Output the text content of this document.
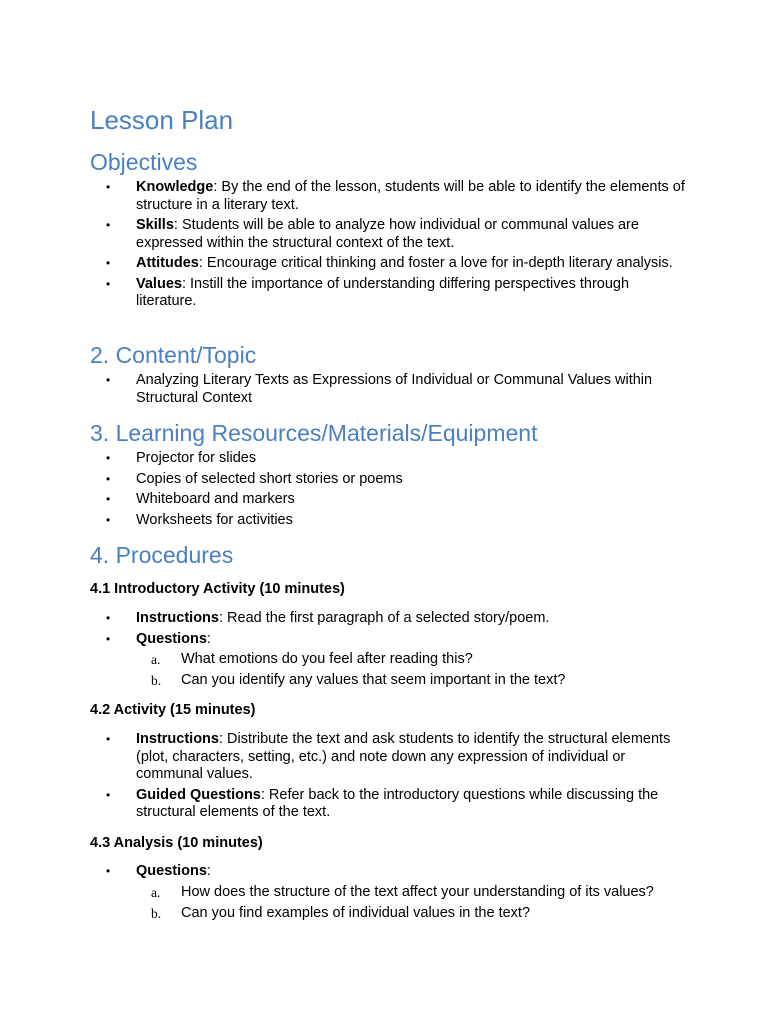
Lesson Plan
Objectives
• Knowledge: By the end of the lesson, students will be able to identify the elements of structure in a literary text.
• Skills: Students will be able to analyze how individual or communal values are expressed within the structural context of the text.
• Attitudes: Encourage critical thinking and foster a love for in-depth literary analysis.
• Values: Instill the importance of understanding differing perspectives through literature.
2. Content/Topic
• Analyzing Literary Texts as Expressions of Individual or Communal Values within Structural Context
3. Learning Resources/Materials/Equipment
• Projector for slides
• Copies of selected short stories or poems
• Whiteboard and markers
• Worksheets for activities
4. Procedures
4.1 Introductory Activity (10 minutes)
• Instructions: Read the first paragraph of a selected story/poem.
• Questions:
a. What emotions do you feel after reading this?
b. Can you identify any values that seem important in the text?
4.2 Activity (15 minutes)
• Instructions: Distribute the text and ask students to identify the structural elements (plot, characters, setting, etc.) and note down any expression of individual or communal values.
• Guided Questions: Refer back to the introductory questions while discussing the structural elements of the text.
4.3 Analysis (10 minutes)
• Questions:
a. How does the structure of the text affect your understanding of its values?
b. Can you find examples of individual values in the text?
